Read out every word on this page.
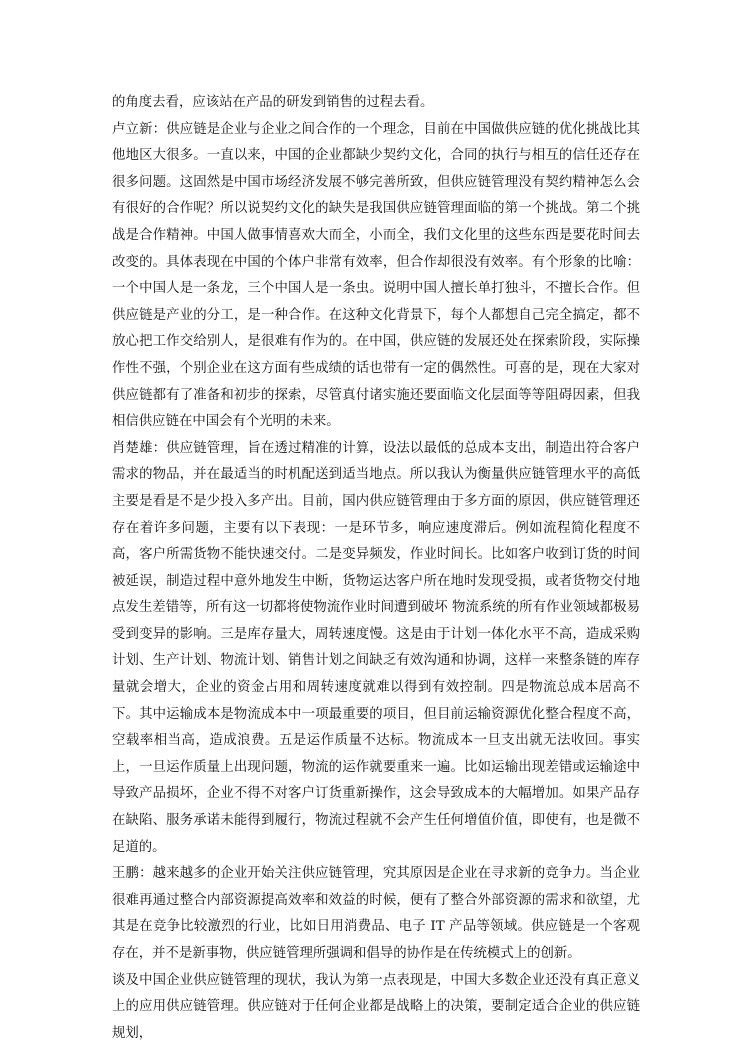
的角度去看，应该站在产品的研发到销售的过程去看。

卢立新：供应链是企业与企业之间合作的一个理念，目前在中国做供应链的优化挑战比其他地区大很多。一直以来，中国的企业都缺少契约文化，合同的执行与相互的信任还存在很多问题。这固然是中国市场经济发展不够完善所致，但供应链管理没有契约精神怎么会有很好的合作呢？所以说契约文化的缺失是我国供应链管理面临的第一个挑战。第二个挑战是合作精神。中国人做事情喜欢大而全，小而全，我们文化里的这些东西是要花时间去改变的。具体表现在中国的个体户非常有效率，但合作却很没有效率。有个形象的比喻：一个中国人是一条龙，三个中国人是一条虫。说明中国人擅长单打独斗，不擅长合作。但供应链是产业的分工，是一种合作。在这种文化背景下，每个人都想自己完全搞定，都不放心把工作交给别人，是很难有作为的。在中国，供应链的发展还处在探索阶段，实际操作性不强，个别企业在这方面有些成绩的话也带有一定的偶然性。可喜的是，现在大家对供应链都有了准备和初步的探索，尽管真付诸实施还要面临文化层面等等阻碍因素，但我相信供应链在中国会有个光明的未来。

肖楚雄：供应链管理，旨在透过精准的计算，设法以最低的总成本支出，制造出符合客户需求的物品，并在最适当的时机配送到适当地点。所以我认为衡量供应链管理水平的高低主要是看是不是少投入多产出。目前，国内供应链管理由于多方面的原因，供应链管理还存在着许多问题，主要有以下表现：一是环节多，响应速度滞后。例如流程简化程度不高，客户所需货物不能快速交付。二是变异频发，作业时间长。比如客户收到订货的时间被延误，制造过程中意外地发生中断，货物运达客户所在地时发现受损，或者货物交付地点发生差错等，所有这一切都将使物流作业时间遭到破坏 物流系统的所有作业领域都极易受到变异的影响。三是库存量大，周转速度慢。这是由于计划一体化水平不高，造成采购计划、生产计划、物流计划、销售计划之间缺乏有效沟通和协调，这样一来整条链的库存量就会增大，企业的资金占用和周转速度就难以得到有效控制。四是物流总成本居高不下。其中运输成本是物流成本中一项最重要的项目，但目前运输资源优化整合程度不高，空载率相当高，造成浪费。五是运作质量不达标。物流成本一旦支出就无法收回。事实上，一旦运作质量上出现问题，物流的运作就要重来一遍。比如运输出现差错或运输途中导致产品损坏，企业不得不对客户订货重新操作，这会导致成本的大幅增加。如果产品存在缺陷、服务承诺未能得到履行，物流过程就不会产生任何增值价值，即使有，也是微不足道的。

王鹏：越来越多的企业开始关注供应链管理，究其原因是企业在寻求新的竞争力。当企业很难再通过整合内部资源提高效率和效益的时候，便有了整合外部资源的需求和欲望，尤其是在竞争比较激烈的行业，比如日用消费品、电子 IT 产品等领域。供应链是一个客观存在，并不是新事物，供应链管理所强调和倡导的协作是在传统模式上的创新。

谈及中国企业供应链管理的现状，我认为第一点表现是，中国大多数企业还没有真正意义上的应用供应链管理。供应链对于任何企业都是战略上的决策，要制定适合企业的供应链规划，
